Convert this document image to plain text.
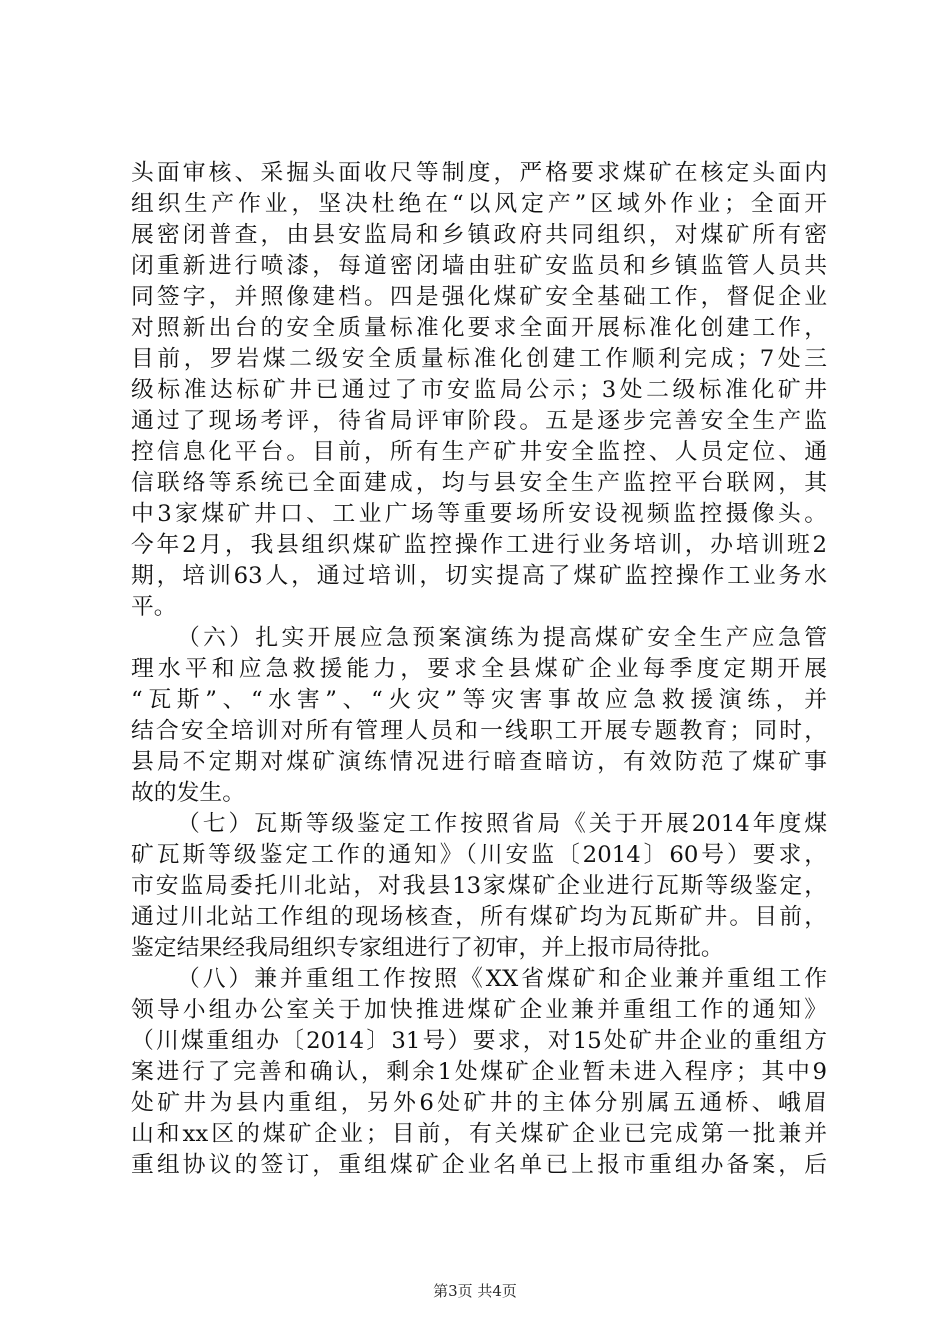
头面审核、采掘头面收尺等制度，严格要求煤矿在核定头面内
组织生产作业，坚决杜绝在“以风定产”区域外作业；全面开
展密闭普查，由县安监局和乡镇政府共同组织，对煤矿所有密
闭重新进行喷漆，每道密闭墙由驻矿安监员和乡镇监管人员共
同签字，并照像建档。四是强化煤矿安全基础工作，督促企业
对照新出台的安全质量标准化要求全面开展标准化创建工作，
目前，罗岩煤二级安全质量标准化创建工作顺利完成；7处三
级标准达标矿井已通过了市安监局公示；3处二级标准化矿井
通过了现场考评，待省局评审阶段。五是逐步完善安全生产监
控信息化平台。目前，所有生产矿井安全监控、人员定位、通
信联络等系统已全面建成，均与县安全生产监控平台联网，其
中3家煤矿井口、工业广场等重要场所安设视频监控摄像头。
今年2月，我县组织煤矿监控操作工进行业务培训，办培训班2
期，培训63人，通过培训，切实提高了煤矿监控操作工业务水
平。
（六）扎实开展应急预案演练为提高煤矿安全生产应急管
理水平和应急救援能力，要求全县煤矿企业每季度定期开展
“瓦斯”、“水害”、“火灾”等灾害事故应急救援演练，并
结合安全培训对所有管理人员和一线职工开展专题教育；同时，
县局不定期对煤矿演练情况进行暗查暗访，有效防范了煤矿事
故的发生。
（七）瓦斯等级鉴定工作按照省局《关于开展2014年度煤
矿瓦斯等级鉴定工作的通知》（川安监〔2014〕60号）要求，
市安监局委托川北站，对我县13家煤矿企业进行瓦斯等级鉴定，
通过川北站工作组的现场核查，所有煤矿均为瓦斯矿井。目前，
鉴定结果经我局组织专家组进行了初审，并上报市局待批。
（八）兼并重组工作按照《XX省煤矿和企业兼并重组工作
领导小组办公室关于加快推进煤矿企业兼并重组工作的通知》
（川煤重组办〔2014〕31号）要求，对15处矿井企业的重组方
案进行了完善和确认，剩余1处煤矿企业暂未进入程序；其中9
处矿井为县内重组，另外6处矿井的主体分别属五通桥、峨眉
山和xx区的煤矿企业；目前，有关煤矿企业已完成第一批兼并
重组协议的签订，重组煤矿企业名单已上报市重组办备案，后
第3页 共4页
